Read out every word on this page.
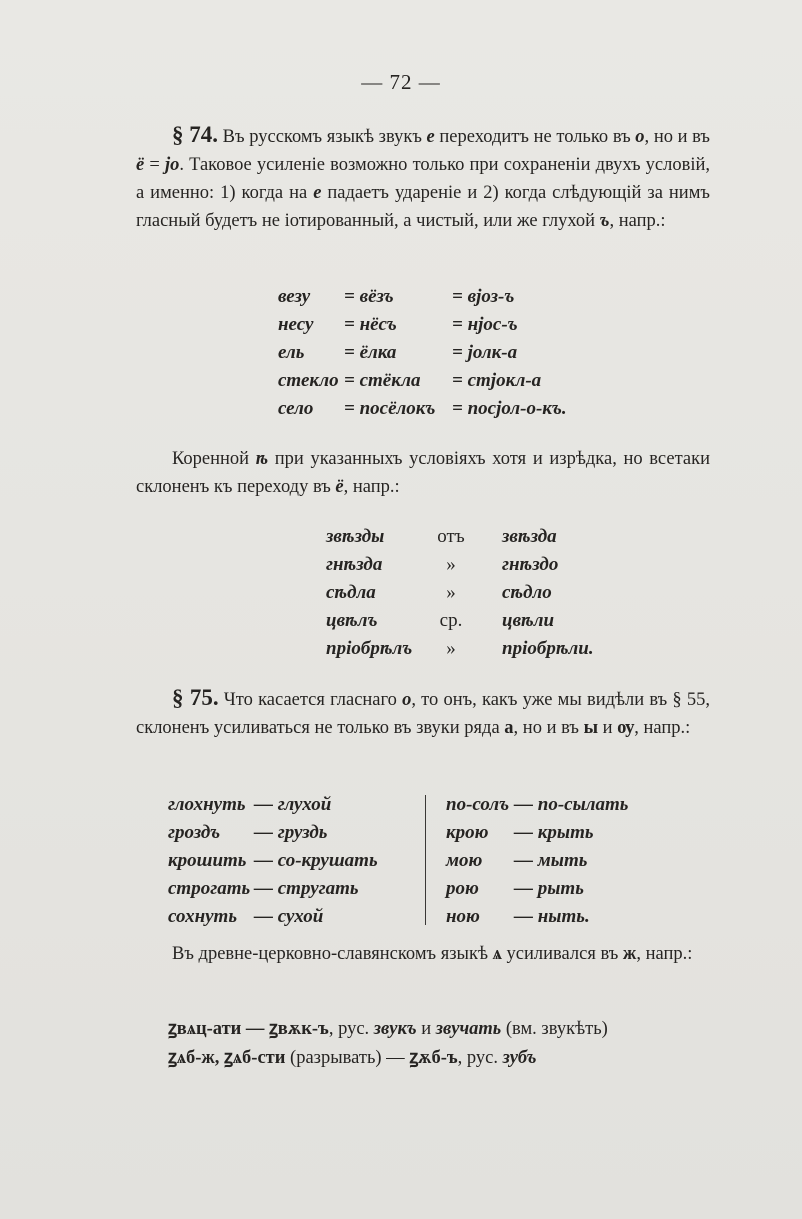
— 72 —

§ 74. Въ русскомъ языкѣ звукъ е переходитъ не только въ о, но и въ ё = jо. Таковое усиленіе возможно только при сохраненіи двухъ условій, а именно: 1) когда на е падаетъ удареніе и 2) когда слѣдующій за нимъ гласный будетъ не іотированный, а чистый, или же глухой ъ, напр.:

везу	= вёзъ	= вјоз-ъ
несу	= нёсъ	= нјос-ъ
ель	= ёлка	= јолк-а
стекло	= стёкла	= стјокл-а
село	= посёлокъ	= посјол-о-къ.

Коренной ѣ при указанныхъ условіяхъ хотя и изрѣдка, но всетаки склоненъ къ переходу въ ё, напр.:

звѣзды	отъ	звѣзда
гнѣзда	»	гнѣздо
сѣдла	»	сѣдло
цвѣлъ	ср.	цвѣли
пріобрѣлъ	»	пріобрѣли.

§ 75. Что касается гласнаго о, то онъ, какъ уже мы видѣли въ § 55, склоненъ усиливаться не только въ звуки ряда а, но и въ ы и ѹ, напр.:

глохнуть — глухой
гроздъ — груздь
крошить — со-крушать
строгать — стругать
сохнуть — сухой
по-солъ — по-сылать
крою — крыть
мою — мыть
рою — рыть
ною — ныть.

Въ древне-церковно-славянскомъ языкѣ ѧ усиливался въ ж, напр.:

ꙁвѧц-ати — ꙁвѫк-ъ, рус. звукъ и звучать (вм. звукѣть)
ꙁѧб-ж, ꙁѧб-сти (разрывать) — ꙁѫб-ъ, рус. зубъ
